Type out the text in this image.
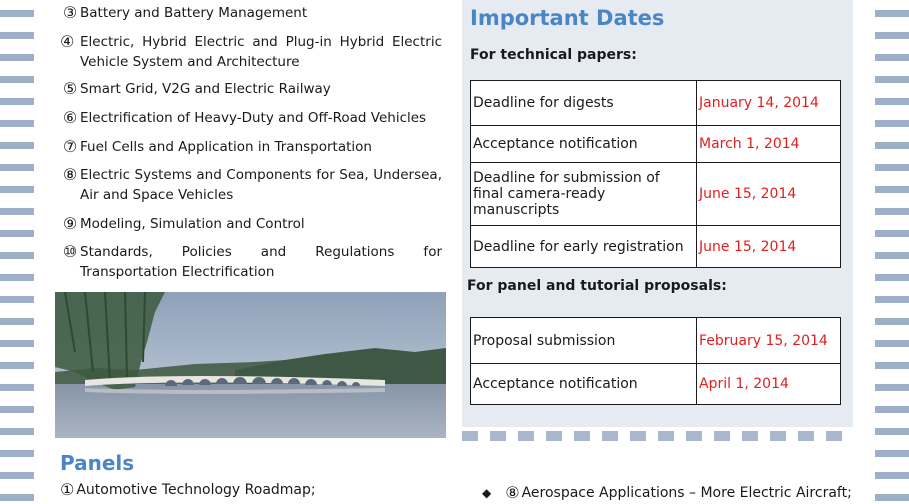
③ Battery and Battery Management
④ Electric, Hybrid Electric and Plug-in Hybrid Electric Vehicle System and Architecture
⑤ Smart Grid, V2G and Electric Railway
⑥ Electrification of Heavy-Duty and Off-Road Vehicles
⑦ Fuel Cells and Application in Transportation
⑧ Electric Systems and Components for Sea, Undersea, Air and Space Vehicles
⑨ Modeling, Simulation and Control
⑩ Standards, Policies and Regulations for Transportation Electrification
Important Dates
For technical papers:
Deadline for digests	January 14, 2014
Acceptance notification	March 1, 2014
Deadline for submission of final camera-ready manuscripts	June 15, 2014
Deadline for early registration	June 15, 2014
For panel and tutorial proposals:
Proposal submission	February 15, 2014
Acceptance notification	April 1, 2014
Panels
① Automotive Technology Roadmap;	◆ ⑧ Aerospace Applications – More Electric Aircraft;
